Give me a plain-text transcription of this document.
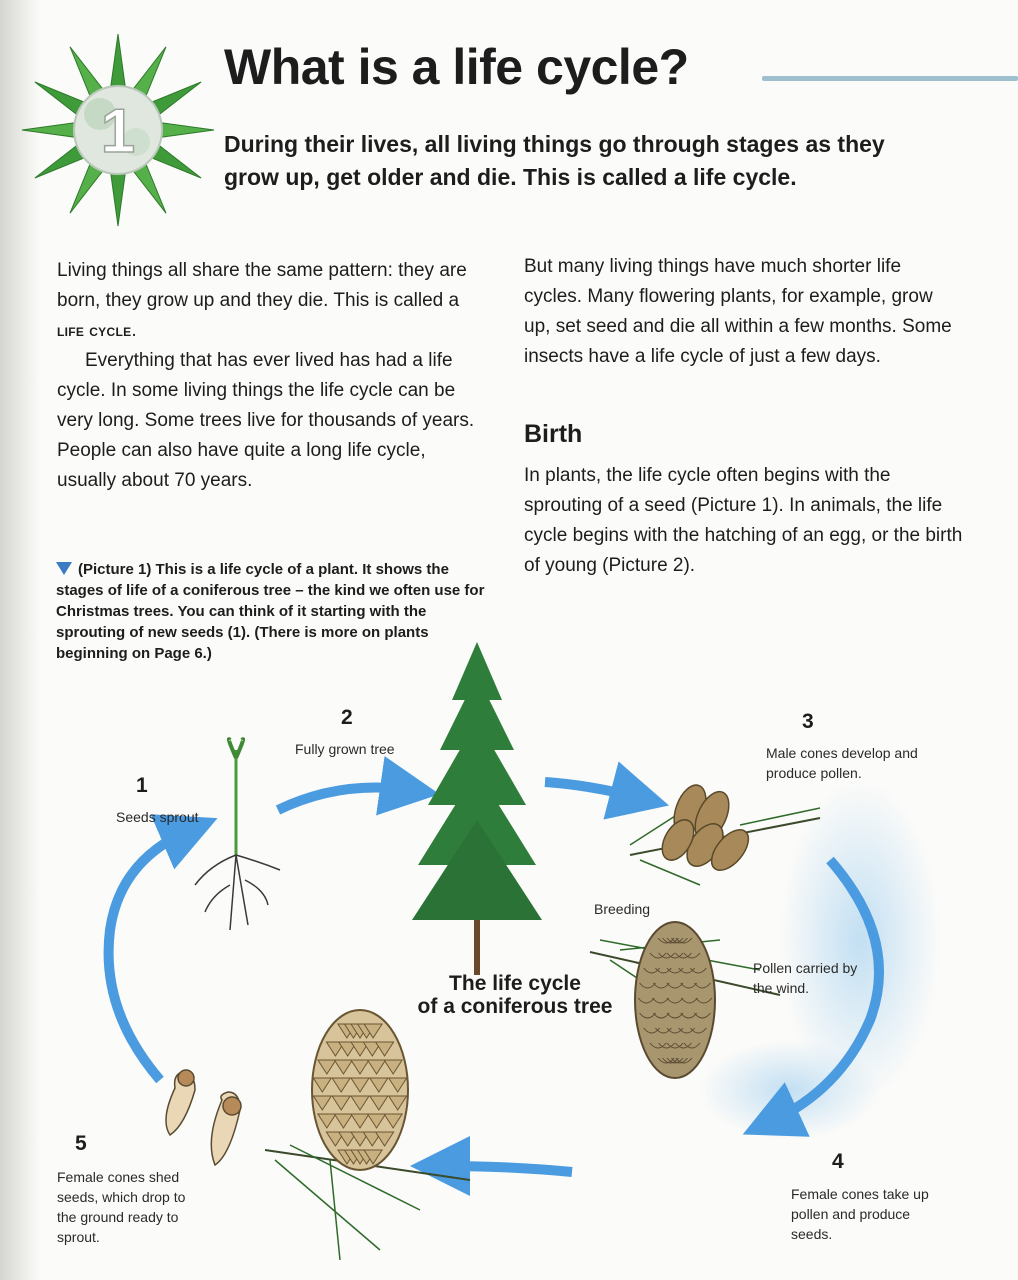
1
What is a life cycle?

During their lives, all living things go through stages as they grow up, get older and die. This is called a life cycle.

Living things all share the same pattern: they are born, they grow up and they die. This is called a life cycle.

Everything that has ever lived has had a life cycle. In some living things the life cycle can be very long. Some trees live for thousands of years. People can also have quite a long life cycle, usually about 70 years.

But many living things have much shorter life cycles. Many flowering plants, for example, grow up, set seed and die all within a few months. Some insects have a life cycle of just a few days.

Birth

In plants, the life cycle often begins with the sprouting of a seed (Picture 1). In animals, the life cycle begins with the hatching of an egg, or the birth of young (Picture 2).

(Picture 1) This is a life cycle of a plant. It shows the stages of life of a coniferous tree – the kind we often use for Christmas trees. You can think of it starting with the sprouting of new seeds (1). (There is more on plants beginning on Page 6.)

2
Fully grown tree
1
Seeds sprout
3
Male cones develop and produce pollen.
Breeding
Pollen carried by the wind.
The life cycle
of a coniferous tree
4
Female cones take up pollen and produce seeds.
5
Female cones shed seeds, which drop to the ground ready to sprout.
